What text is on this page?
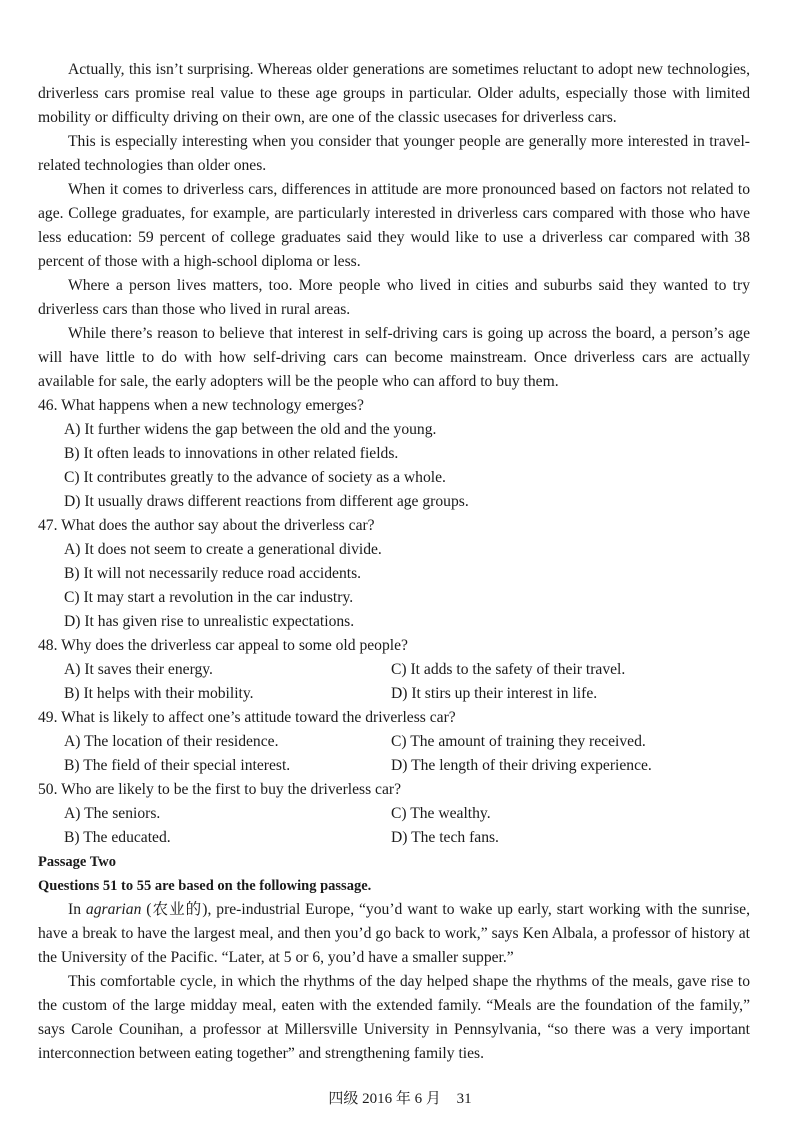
Actually, this isn’t surprising. Whereas older generations are sometimes reluctant to adopt new technologies, driverless cars promise real value to these age groups in particular. Older adults, especially those with limited mobility or difficulty driving on their own, are one of the classic usecases for driverless cars.

This is especially interesting when you consider that younger people are generally more interested in travel-related technologies than older ones.

When it comes to driverless cars, differences in attitude are more pronounced based on factors not related to age. College graduates, for example, are particularly interested in driverless cars compared with those who have less education: 59 percent of college graduates said they would like to use a driverless car compared with 38 percent of those with a high-school diploma or less.

Where a person lives matters, too. More people who lived in cities and suburbs said they wanted to try driverless cars than those who lived in rural areas.

While there’s reason to believe that interest in self-driving cars is going up across the board, a person’s age will have little to do with how self-driving cars can become mainstream. Once driverless cars are actually available for sale, the early adopters will be the people who can afford to buy them.

46. What happens when a new technology emerges?

A) It further widens the gap between the old and the young.

B) It often leads to innovations in other related fields.

C) It contributes greatly to the advance of society as a whole.

D) It usually draws different reactions from different age groups.

47. What does the author say about the driverless car?

A) It does not seem to create a generational divide.

B) It will not necessarily reduce road accidents.

C) It may start a revolution in the car industry.

D) It has given rise to unrealistic expectations.

48. Why does the driverless car appeal to some old people?

A) It saves their energy.	C) It adds to the safety of their travel.
B) It helps with their mobility.	D) It stirs up their interest in life.

49. What is likely to affect one’s attitude toward the driverless car?

A) The location of their residence.	C) The amount of training they received.
B) The field of their special interest.	D) The length of their driving experience.

50. Who are likely to be the first to buy the driverless car?

A) The seniors.	C) The wealthy.
B) The educated.	D) The tech fans.

Passage Two

Questions 51 to 55 are based on the following passage.

In agrarian (农业的), pre-industrial Europe, “you’d want to wake up early, start working with the sunrise, have a break to have the largest meal, and then you’d go back to work,” says Ken Albala, a professor of history at the University of the Pacific. “Later, at 5 or 6, you’d have a smaller supper.”

This comfortable cycle, in which the rhythms of the day helped shape the rhythms of the meals, gave rise to the custom of the large midday meal, eaten with the extended family. “Meals are the foundation of the family,” says Carole Counihan, a professor at Millersville University in Pennsylvania, “so there was a very important interconnection between eating together” and strengthening family ties.

四级 2016 年 6 月 31
